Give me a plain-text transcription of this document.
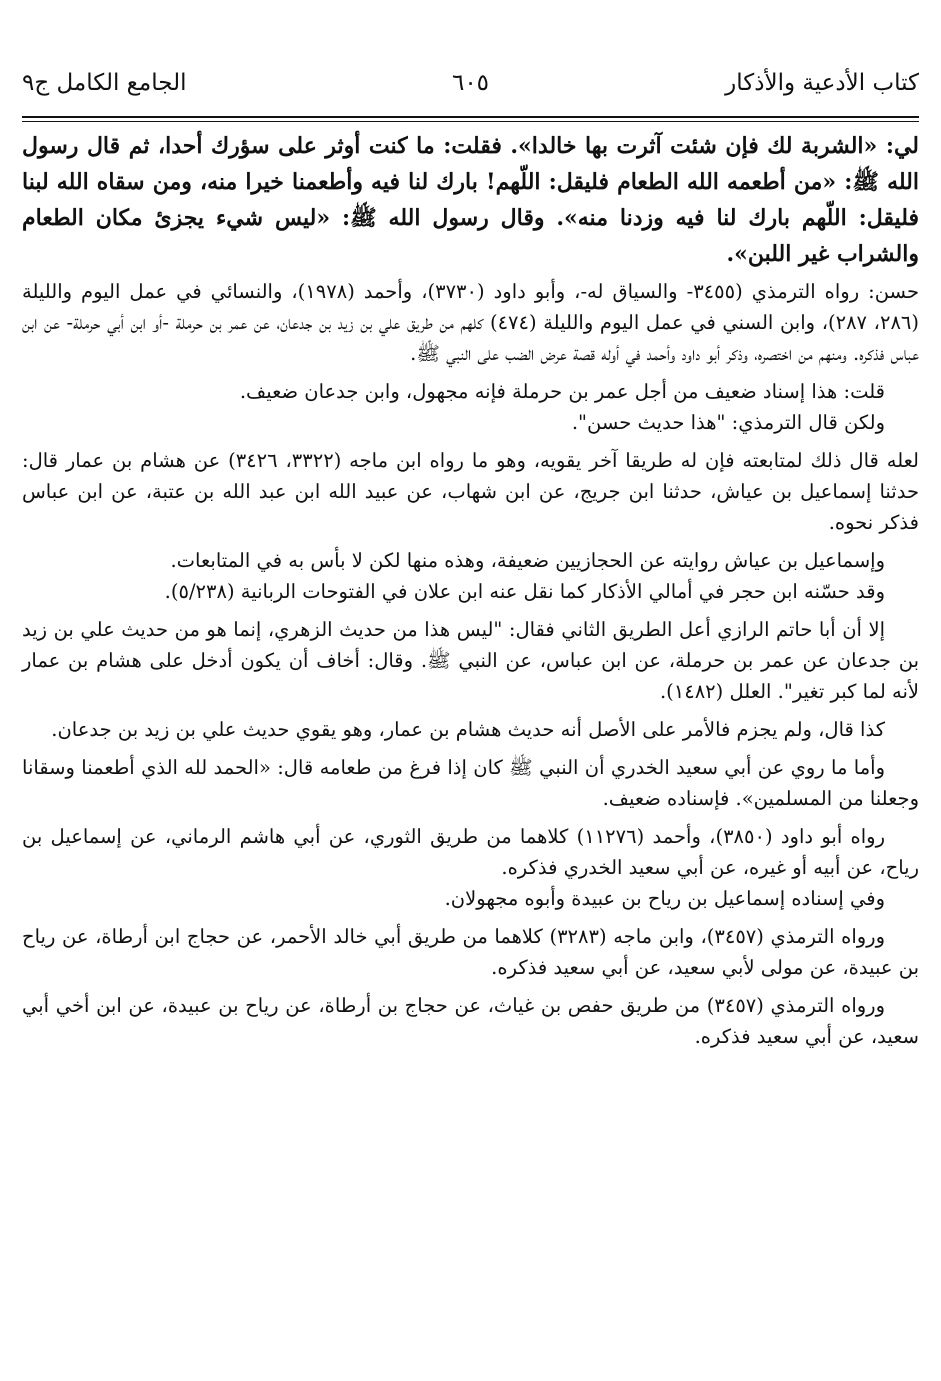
كتاب الأدعية والأذكار
٦٠٥
الجامع الكامل ج٩

لي: «الشربة لك فإن شئت آثرت بها خالدا». فقلت: ما كنت أوثر على سؤرك أحدا، ثم قال رسول الله ﷺ: «من أطعمه الله الطعام فليقل: اللّهم! بارك لنا فيه وأطعمنا خيرا منه، ومن سقاه الله لبنا فليقل: اللّهم بارك لنا فيه وزدنا منه». وقال رسول الله ﷺ: «ليس شيء يجزئ مكان الطعام والشراب غير اللبن».

حسن: رواه الترمذي (٣٤٥٥- والسياق له-، وأبو داود (٣٧٣٠)، وأحمد (١٩٧٨)، والنسائي في عمل اليوم والليلة (٢٨٦، ٢٨٧)، وابن السني في عمل اليوم والليلة (٤٧٤) كلهم من طريق علي بن زيد بن جدعان، عن عمر بن حرملة -أو ابن أبي حرملة- عن ابن عباس فذكره. ومنهم من اختصره، وذكر أبو داود وأحمد في أوله قصة عرض الضب على النبي ﷺ.

قلت: هذا إسناد ضعيف من أجل عمر بن حرملة فإنه مجهول، وابن جدعان ضعيف.

ولكن قال الترمذي: "هذا حديث حسن".

لعله قال ذلك لمتابعته فإن له طريقا آخر يقويه، وهو ما رواه ابن ماجه (٣٣٢٢، ٣٤٢٦) عن هشام بن عمار قال: حدثنا إسماعيل بن عياش، حدثنا ابن جريج، عن ابن شهاب، عن عبيد الله ابن عبد الله بن عتبة، عن ابن عباس فذكر نحوه.

وإسماعيل بن عياش روايته عن الحجازيين ضعيفة، وهذه منها لكن لا بأس به في المتابعات.

وقد حسّنه ابن حجر في أمالي الأذكار كما نقل عنه ابن علان في الفتوحات الربانية (٥/٢٣٨).

إلا أن أبا حاتم الرازي أعل الطريق الثاني فقال: "ليس هذا من حديث الزهري، إنما هو من حديث علي بن زيد بن جدعان عن عمر بن حرملة، عن ابن عباس، عن النبي ﷺ. وقال: أخاف أن يكون أدخل على هشام بن عمار لأنه لما كبر تغير". العلل (١٤٨٢).

كذا قال، ولم يجزم فالأمر على الأصل أنه حديث هشام بن عمار، وهو يقوي حديث علي بن زيد بن جدعان.

وأما ما روي عن أبي سعيد الخدري أن النبي ﷺ كان إذا فرغ من طعامه قال: «الحمد لله الذي أطعمنا وسقانا وجعلنا من المسلمين». فإسناده ضعيف.

رواه أبو داود (٣٨٥٠)، وأحمد (١١٢٧٦) كلاهما من طريق الثوري، عن أبي هاشم الرماني، عن إسماعيل بن رياح، عن أبيه أو غيره، عن أبي سعيد الخدري فذكره.

وفي إسناده إسماعيل بن رياح بن عبيدة وأبوه مجهولان.

ورواه الترمذي (٣٤٥٧)، وابن ماجه (٣٢٨٣) كلاهما من طريق أبي خالد الأحمر، عن حجاج ابن أرطاة، عن رياح بن عبيدة، عن مولى لأبي سعيد، عن أبي سعيد فذكره.

ورواه الترمذي (٣٤٥٧) من طريق حفص بن غياث، عن حجاج بن أرطاة، عن رياح بن عبيدة، عن ابن أخي أبي سعيد، عن أبي سعيد فذكره.
